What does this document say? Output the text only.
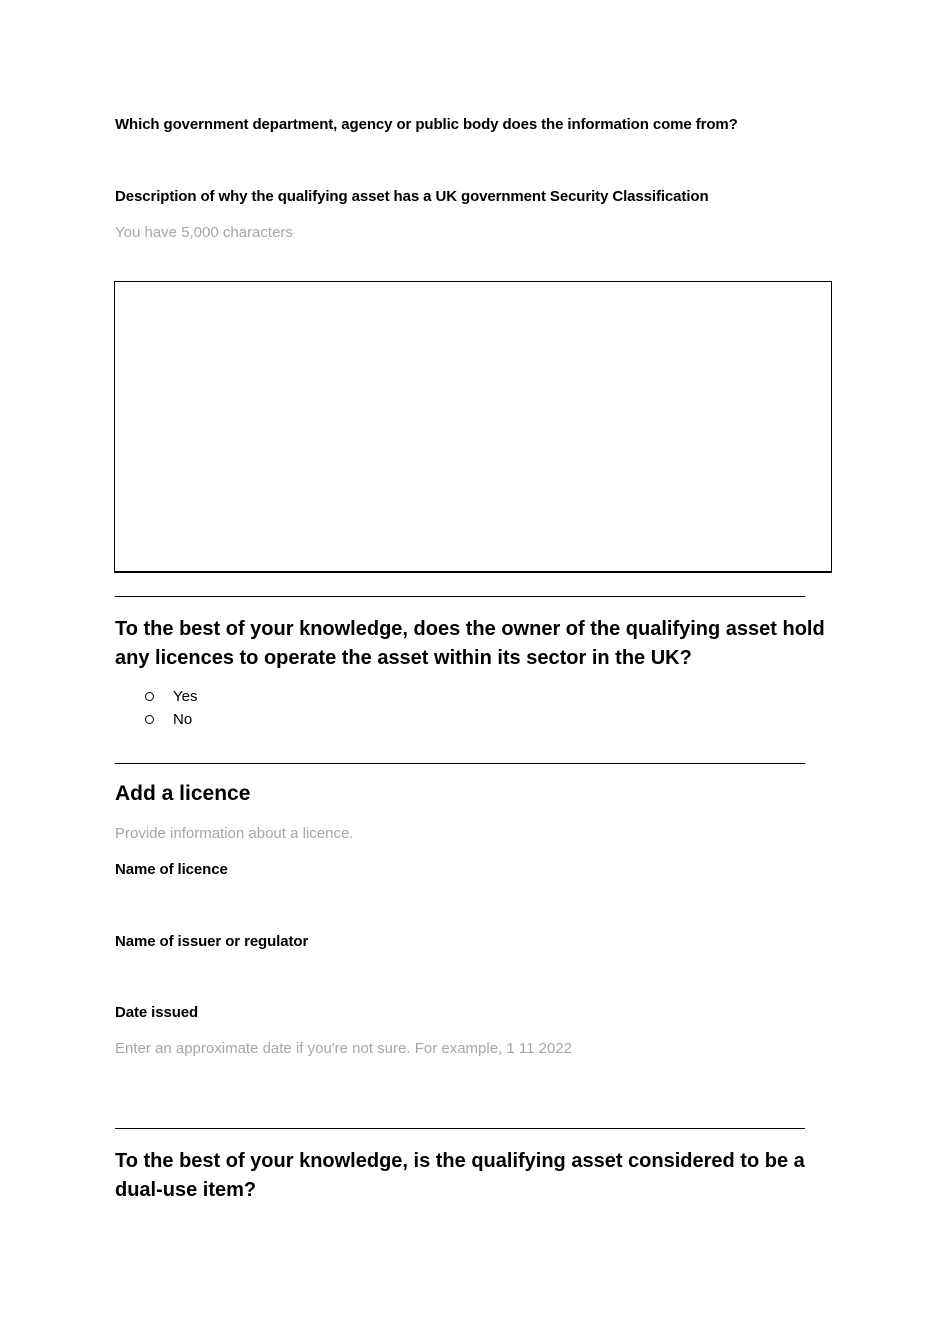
Which government department, agency or public body does the information come from?
Description of why the qualifying asset has a UK government Security Classification
You have 5,000 characters
To the best of your knowledge, does the owner of the qualifying asset hold any licences to operate the asset within its sector in the UK?
Yes
No
Add a licence
Provide information about a licence.
Name of licence
Name of issuer or regulator
Date issued
Enter an approximate date if you're not sure. For example, 1 11 2022
To the best of your knowledge, is the qualifying asset considered to be a dual-use item?
